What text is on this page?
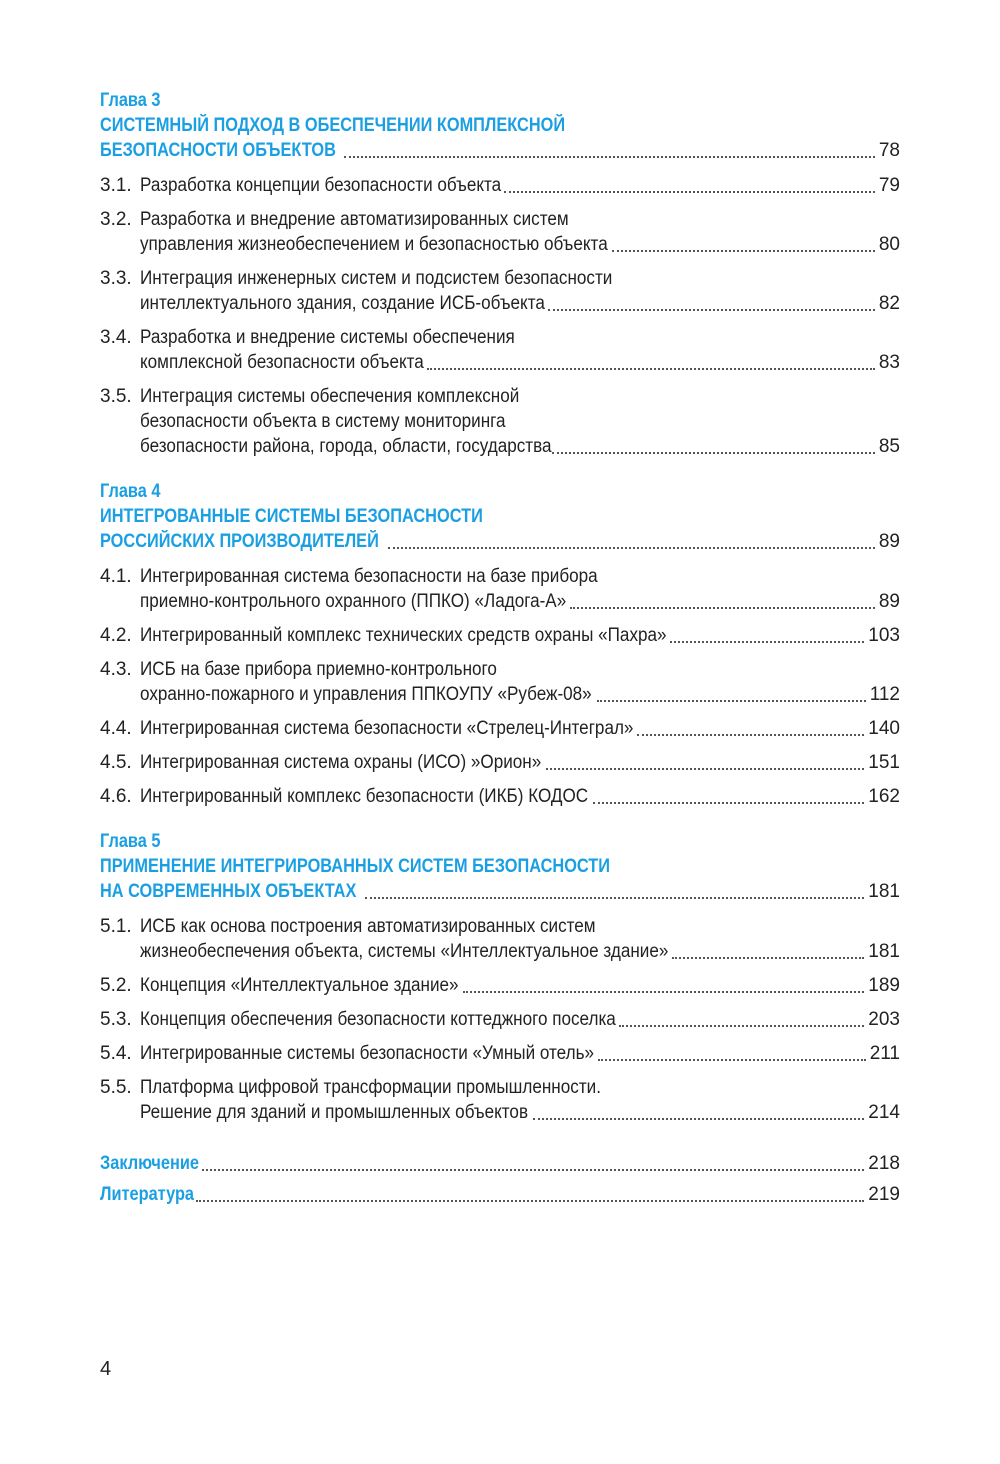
Глава 3
СИСТЕМНЫЙ ПОДХОД В ОБЕСПЕЧЕНИИ КОМПЛЕКСНОЙ
БЕЗОПАСНОСТИ ОБЪЕКТОВ	78
3.1. Разработка концепции безопасности объекта	79
3.2. Разработка и внедрение автоматизированных систем
управления жизнеобеспечением и безопасностью объекта	80
3.3. Интеграция инженерных систем и подсистем безопасности
интеллектуального здания, создание ИСБ-объекта	82
3.4. Разработка и внедрение системы обеспечения
комплексной безопасности объекта	83
3.5. Интеграция системы обеспечения комплексной
безопасности объекта в систему мониторинга
безопасности района, города, области, государства	85
Глава 4
ИНТЕГРОВАННЫЕ СИСТЕМЫ БЕЗОПАСНОСТИ
РОССИЙСКИХ ПРОИЗВОДИТЕЛЕЙ	89
4.1. Интегрированная система безопасности на базе прибора
приемно-контрольного охранного (ППКО) «Ладога-А»	89
4.2. Интегрированный комплекс технических средств охраны «Пахра»	103
4.3. ИСБ на базе прибора приемно-контрольного
охранно-пожарного и управления ППКОУПУ «Рубеж-08»	112
4.4. Интегрированная система безопасности «Стрелец-Интеграл»	140
4.5. Интегрированная система охраны (ИСО) »Орион»	151
4.6. Интегрированный комплекс безопасности (ИКБ) КОДОС	162
Глава 5
ПРИМЕНЕНИЕ ИНТЕГРИРОВАННЫХ СИСТЕМ БЕЗОПАСНОСТИ
НА СОВРЕМЕННЫХ ОБЪЕКТАХ	181
5.1. ИСБ как основа построения автоматизированных систем
жизнеобеспечения объекта, системы «Интеллектуальное здание»	181
5.2. Концепция «Интеллектуальное здание»	189
5.3. Концепция обеспечения безопасности коттеджного поселка	203
5.4. Интегрированные системы безопасности «Умный отель»	211
5.5. Платформа цифровой трансформации промышленности.
Решение для зданий и промышленных объектов	214
Заключение	218
Литература	219
4
